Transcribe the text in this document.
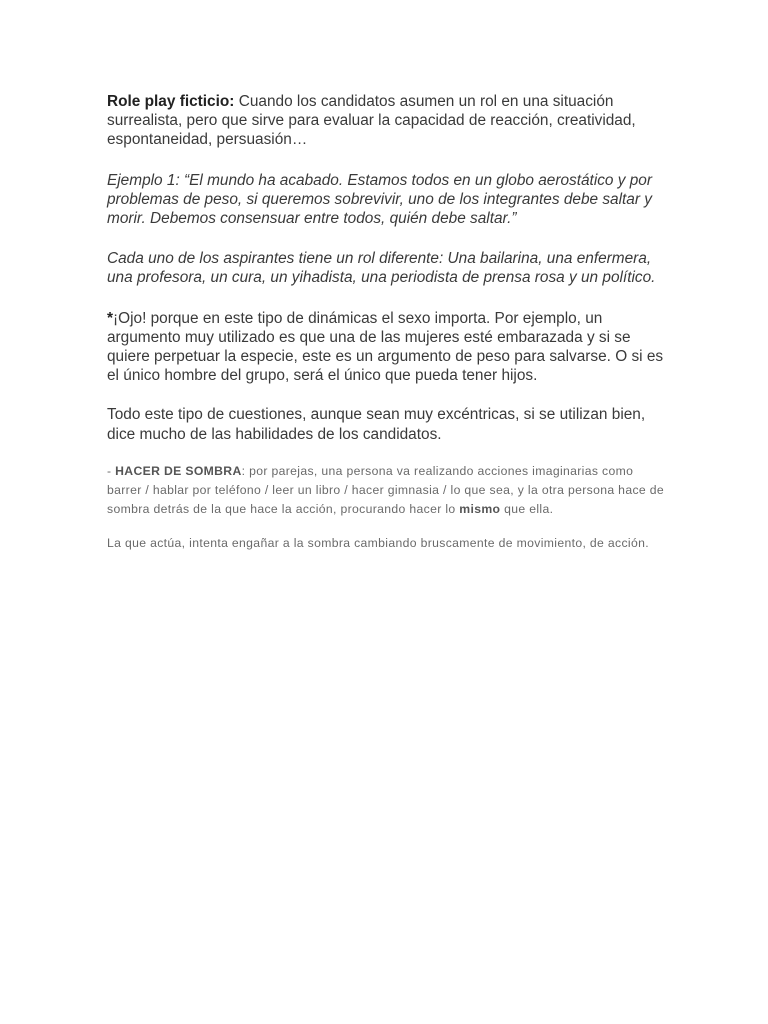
Role play ficticio: Cuando los candidatos asumen un rol en una situación surrealista, pero que sirve para evaluar la capacidad de reacción, creatividad, espontaneidad, persuasión…

Ejemplo 1: “El mundo ha acabado. Estamos todos en un globo aerostático y por problemas de peso, si queremos sobrevivir, uno de los integrantes debe saltar y morir. Debemos consensuar entre todos, quién debe saltar.”

Cada uno de los aspirantes tiene un rol diferente: Una bailarina, una enfermera, una profesora, un cura, un yihadista, una periodista de prensa rosa y un político.

*¡Ojo! porque en este tipo de dinámicas el sexo importa. Por ejemplo, un argumento muy utilizado es que una de las mujeres esté embarazada y si se quiere perpetuar la especie, este es un argumento de peso para salvarse. O si es el único hombre del grupo, será el único que pueda tener hijos.

Todo este tipo de cuestiones, aunque sean muy excéntricas, si se utilizan bien, dice mucho de las habilidades de los candidatos.

- HACER DE SOMBRA: por parejas, una persona va realizando acciones imaginarias como barrer / hablar por teléfono / leer un libro / hacer gimnasia / lo que sea, y la otra persona hace de sombra detrás de la que hace la acción, procurando hacer lo mismo que ella.

La que actúa, intenta engañar a la sombra cambiando bruscamente de movimiento, de acción.
